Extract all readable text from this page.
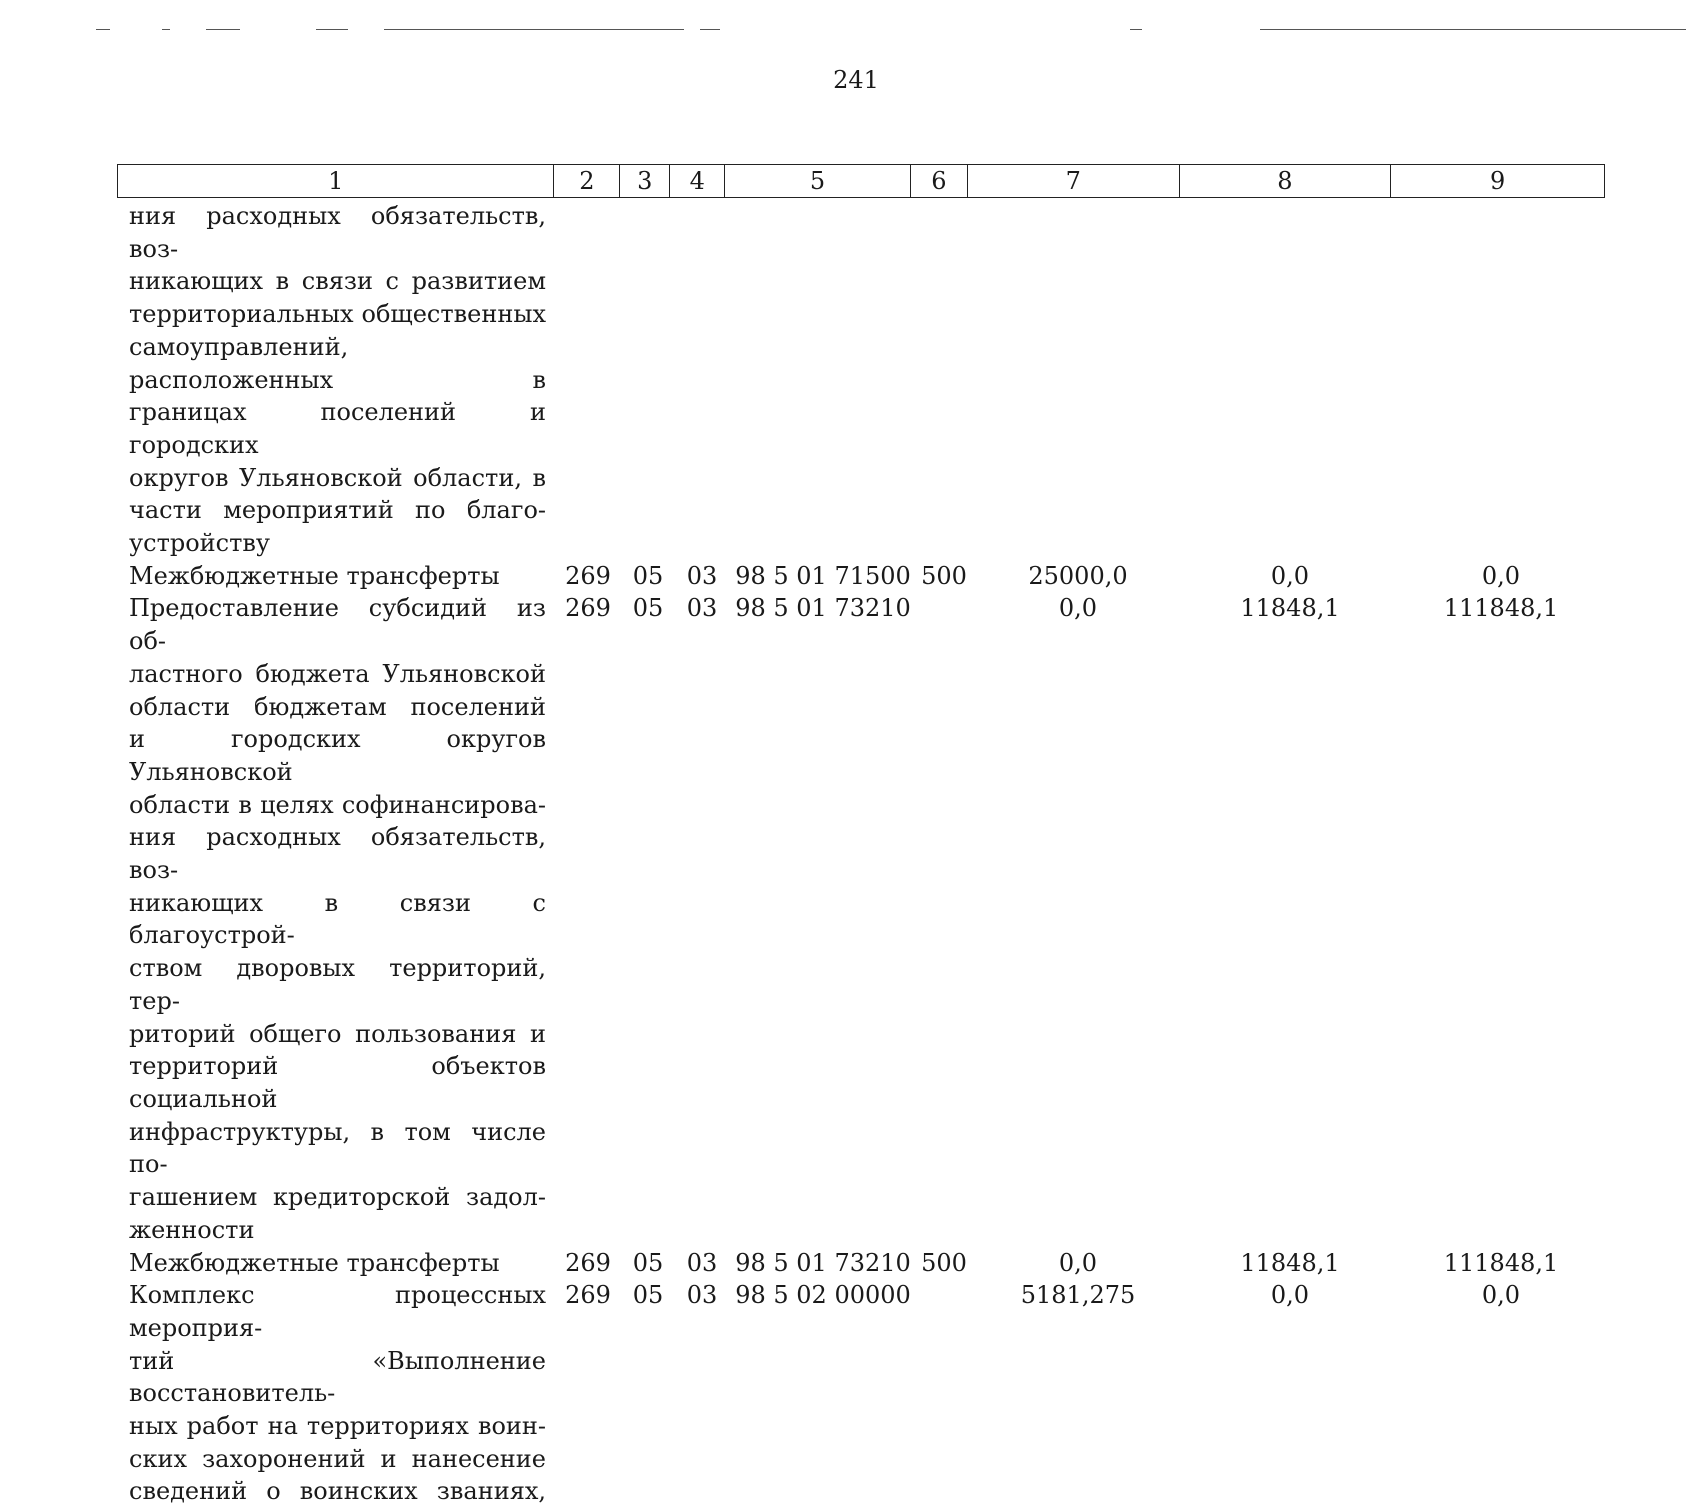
241
1	2	3	4	5	6	7	8	9
ния расходных обязательств, воз-
никающих в связи с развитием
территориальных общественных
самоуправлений, расположенных в
границах поселений и городских
округов Ульяновской области, в
части мероприятий по благо-
устройству
Межбюджетные трансферты	269 05 03 98 5 01 71500 500	25000,0	0,0	0,0
Предоставление субсидий из об-
ластного бюджета Ульяновской
области бюджетам поселений
и городских округов Ульяновской
области в целях софинансирова-
ния расходных обязательств, воз-
никающих в связи с благоустрой-
ством дворовых территорий, тер-
риторий общего пользования и
территорий объектов социальной
инфраструктуры, в том числе по-
гашением кредиторской задол-
женности
269 05 03 98 5 01 73210	0,0	11848,1	111848,1
Межбюджетные трансферты	269 05 03 98 5 01 73210 500	0,0	11848,1	111848,1
Комплекс процессных мероприя-
тий «Выполнение восстановитель-
ных работ на территориях воин-
ских захоронений и нанесение
сведений о воинских званиях,
269 05 03 98 5 02 00000	5181,275	0,0	0,0
